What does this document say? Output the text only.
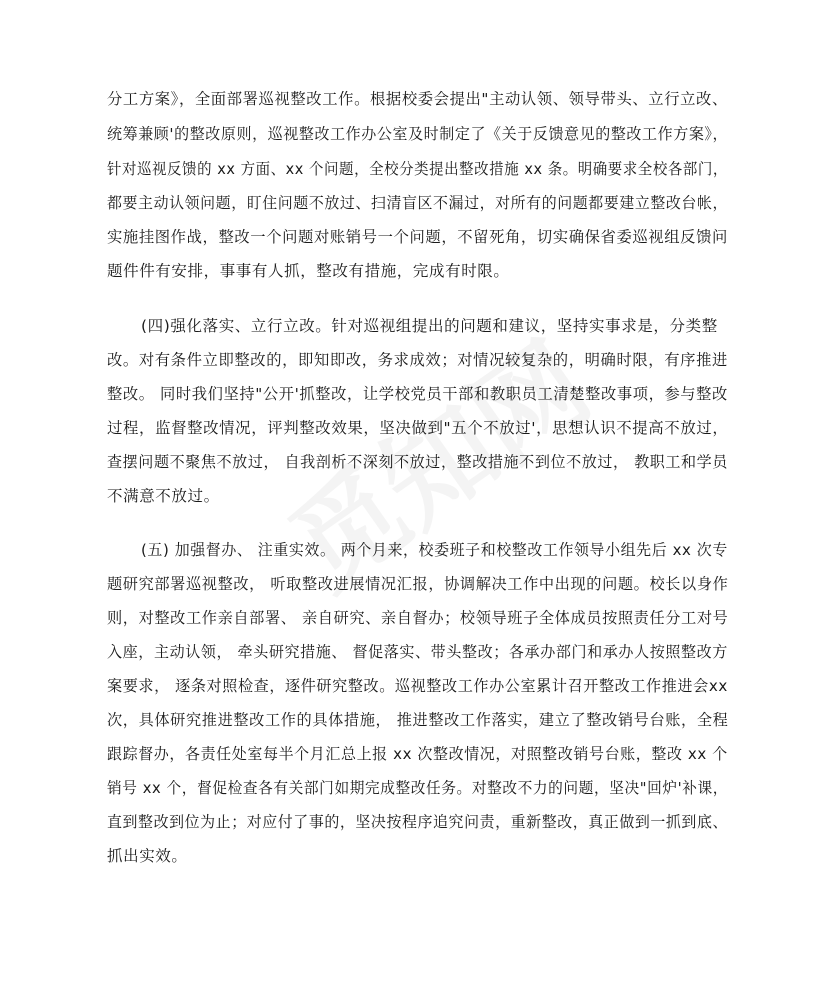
分工方案》，全面部署巡视整改工作。根据校委会提出"主动认领、领导带头、立行立改、
统筹兼顾'的整改原则，巡视整改工作办公室及时制定了《关于反馈意见的整改工作方案》，
针对巡视反馈的 xx 方面、xx 个问题，全校分类提出整改措施 xx 条。明确要求全校各部门，
都要主动认领问题，盯住问题不放过、扫清盲区不漏过，对所有的问题都要建立整改台帐，
实施挂图作战，整改一个问题对账销号一个问题，不留死角，切实确保省委巡视组反馈问
题件件有安排，事事有人抓，整改有措施，完成有时限。
(四)强化落实、立行立改。针对巡视组提出的问题和建议，坚持实事求是，分类整
改。对有条件立即整改的，即知即改，务求成效；对情况较复杂的，明确时限，有序推进
整改。 同时我们坚持"公开'抓整改，让学校党员干部和教职员工清楚整改事项，参与整改
过程，监督整改情况，评判整改效果，坚决做到"五个不放过'，思想认识不提高不放过，
查摆问题不聚焦不放过， 自我剖析不深刻不放过，整改措施不到位不放过， 教职工和学员
不满意不放过。
(五) 加强督办、 注重实效。 两个月来，校委班子和校整改工作领导小组先后 xx 次专
题研究部署巡视整改， 听取整改进展情况汇报，协调解决工作中出现的问题。校长以身作
则，对整改工作亲自部署、 亲自研究、亲自督办；校领导班子全体成员按照责任分工对号
入座，主动认领， 牵头研究措施、 督促落实、带头整改；各承办部门和承办人按照整改方
案要求， 逐条对照检查，逐件研究整改。巡视整改工作办公室累计召开整改工作推进会xx
次，具体研究推进整改工作的具体措施， 推进整改工作落实，建立了整改销号台账，全程
跟踪督办，各责任处室每半个月汇总上报 xx 次整改情况，对照整改销号台账，整改 xx 个
销号 xx 个，督促检查各有关部门如期完成整改任务。对整改不力的问题，坚决"回炉'补课，
直到整改到位为止；对应付了事的，坚决按程序追究问责，重新整改，真正做到一抓到底、
抓出实效。
